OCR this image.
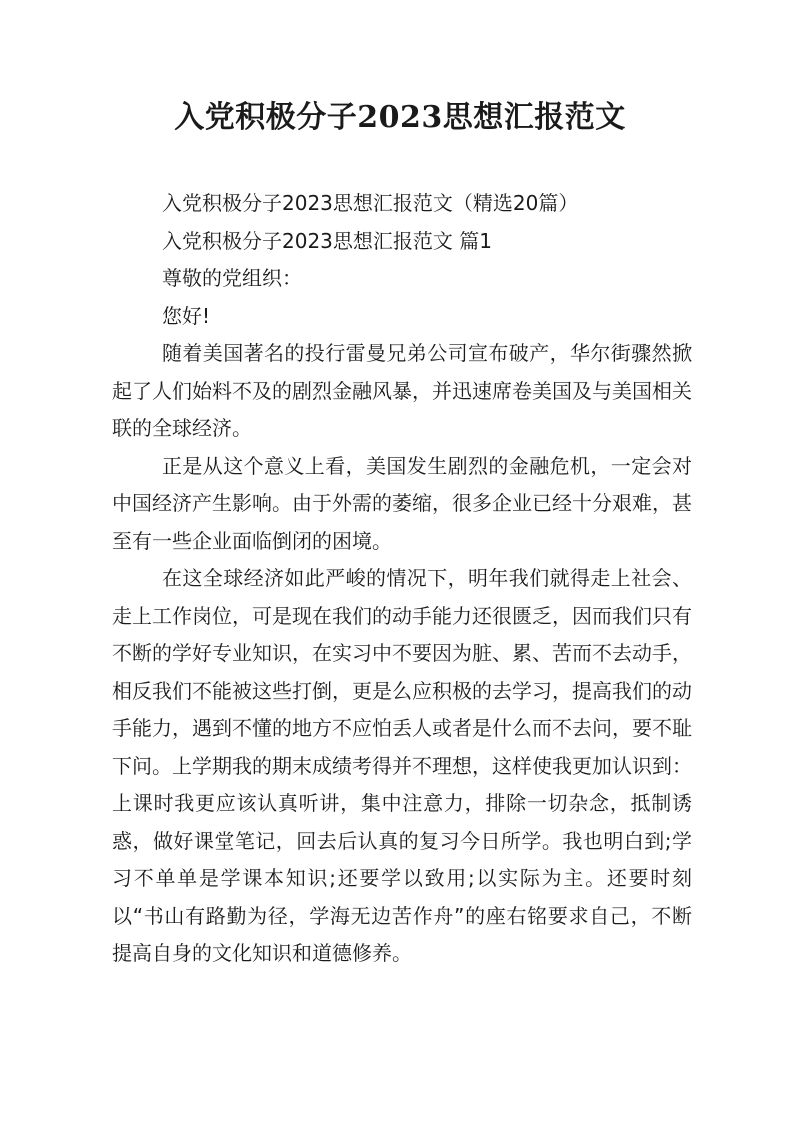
入党积极分子2023思想汇报范文

入党积极分子2023思想汇报范文（精选20篇）

入党积极分子2023思想汇报范文 篇1

尊敬的党组织：

您好!

随着美国著名的投行雷曼兄弟公司宣布破产，华尔街骤然掀起了人们始料不及的剧烈金融风暴，并迅速席卷美国及与美国相关联的全球经济。

正是从这个意义上看，美国发生剧烈的金融危机，一定会对中国经济产生影响。由于外需的萎缩，很多企业已经十分艰难，甚至有一些企业面临倒闭的困境。

在这全球经济如此严峻的情况下，明年我们就得走上社会、走上工作岗位，可是现在我们的动手能力还很匮乏，因而我们只有不断的学好专业知识，在实习中不要因为脏、累、苦而不去动手，相反我们不能被这些打倒，更是么应积极的去学习，提高我们的动手能力，遇到不懂的地方不应怕丢人或者是什么而不去问，要不耻下问。上学期我的期末成绩考得并不理想，这样使我更加认识到：上课时我更应该认真听讲，集中注意力，排除一切杂念，抵制诱惑，做好课堂笔记，回去后认真的复习今日所学。我也明白到;学习不单单是学课本知识;还要学以致用;以实际为主。还要时刻以“书山有路勤为径，学海无边苦作舟”的座右铭要求自己，不断提高自身的文化知识和道德修养。
